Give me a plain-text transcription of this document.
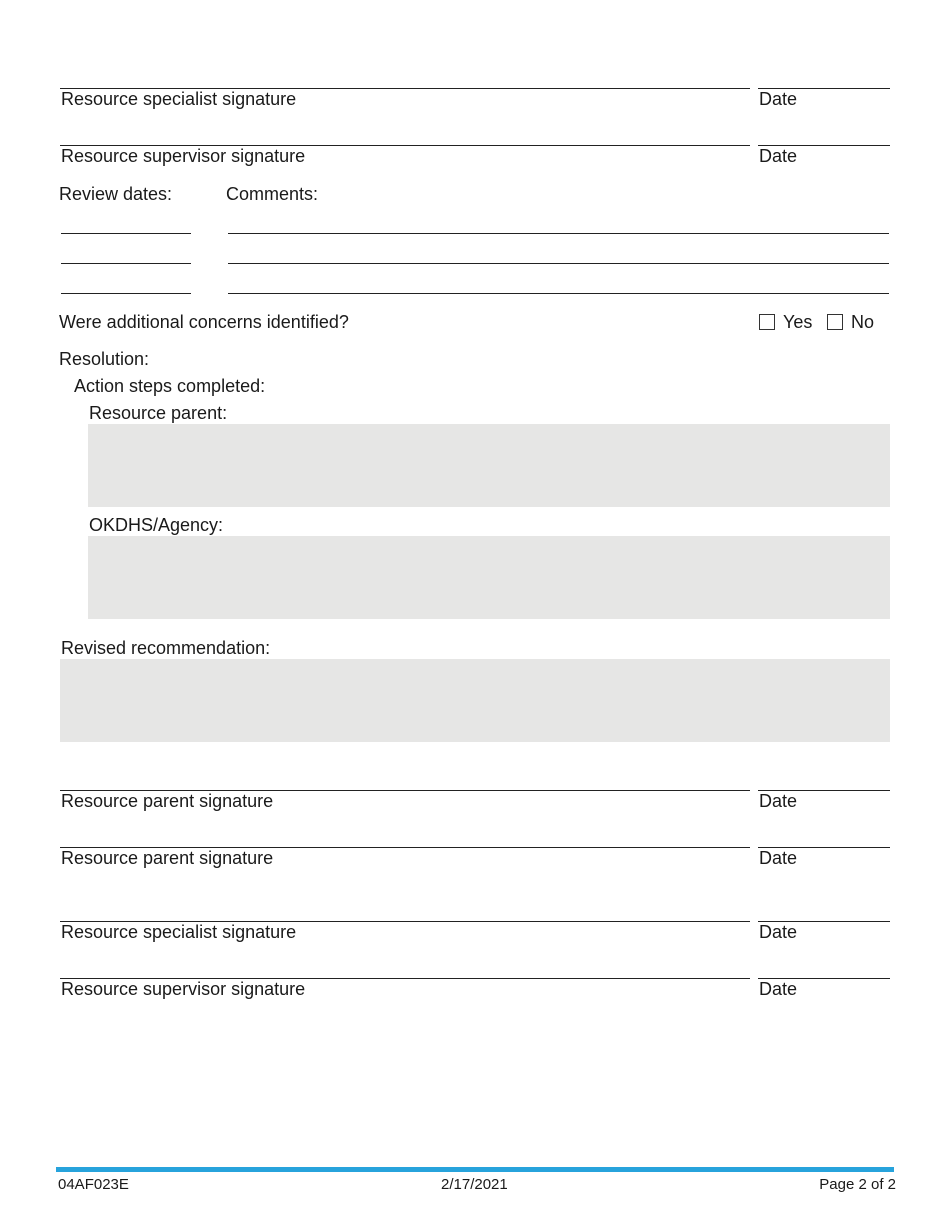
Resource specialist signature	Date
Resource supervisor signature	Date
Review dates:	Comments:
Were additional concerns identified?	Yes	No
Resolution:
Action steps completed:
Resource parent:
OKDHS/Agency:
Revised recommendation:
Resource parent signature	Date
Resource parent signature	Date
Resource specialist signature	Date
Resource supervisor signature	Date
04AF023E	2/17/2021	Page 2 of 2
